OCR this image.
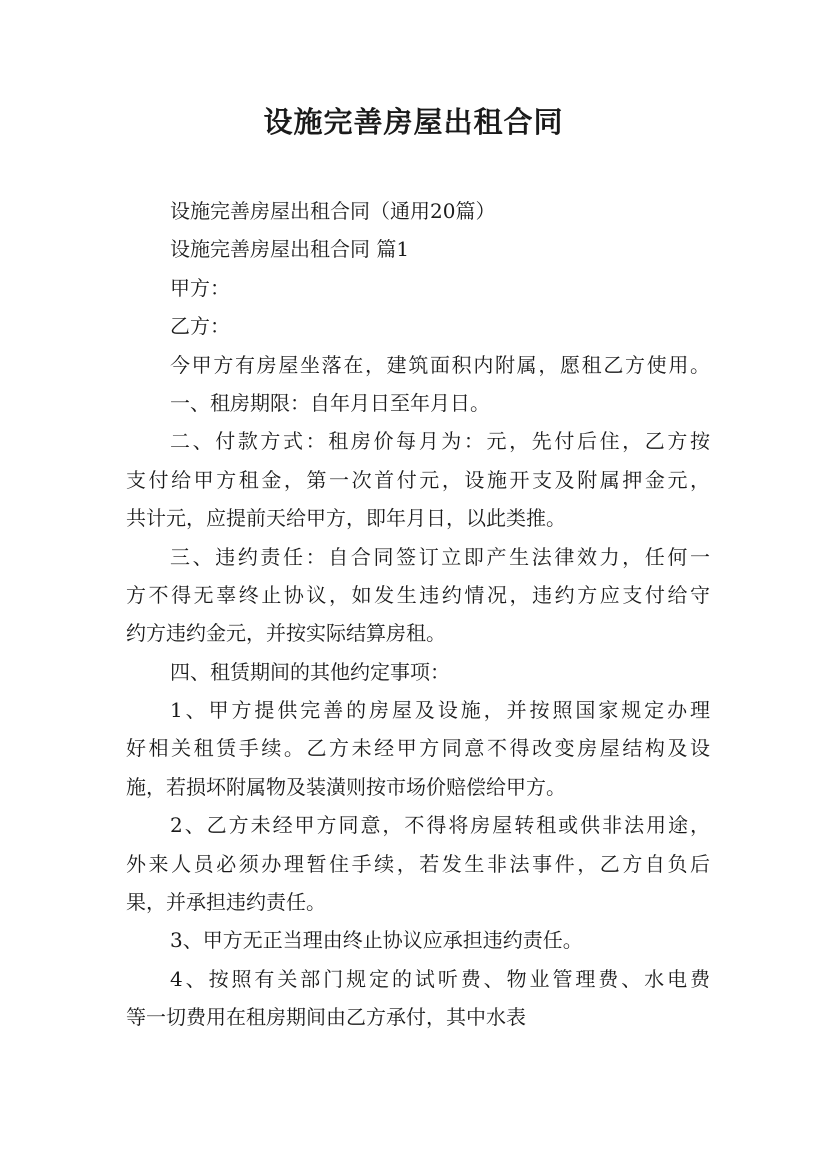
设施完善房屋出租合同
设施完善房屋出租合同（通用20篇）
设施完善房屋出租合同 篇1
甲方：
乙方：
今甲方有房屋坐落在，建筑面积内附属，愿租乙方使用。
一、租房期限：自年月日至年月日。
二、付款方式：租房价每月为：元，先付后住，乙方按
支付给甲方租金，第一次首付元，设施开支及附属押金元，
共计元，应提前天给甲方，即年月日，以此类推。
三、违约责任：自合同签订立即产生法律效力，任何一
方不得无辜终止协议，如发生违约情况，违约方应支付给守
约方违约金元，并按实际结算房租。
四、租赁期间的其他约定事项：
1、甲方提供完善的房屋及设施，并按照国家规定办理
好相关租赁手续。乙方未经甲方同意不得改变房屋结构及设
施，若损坏附属物及装潢则按市场价赔偿给甲方。
2、乙方未经甲方同意，不得将房屋转租或供非法用途，
外来人员必须办理暂住手续，若发生非法事件，乙方自负后
果，并承担违约责任。
3、甲方无正当理由终止协议应承担违约责任。
4、按照有关部门规定的试听费、物业管理费、水电费
等一切费用在租房期间由乙方承付，其中水表
